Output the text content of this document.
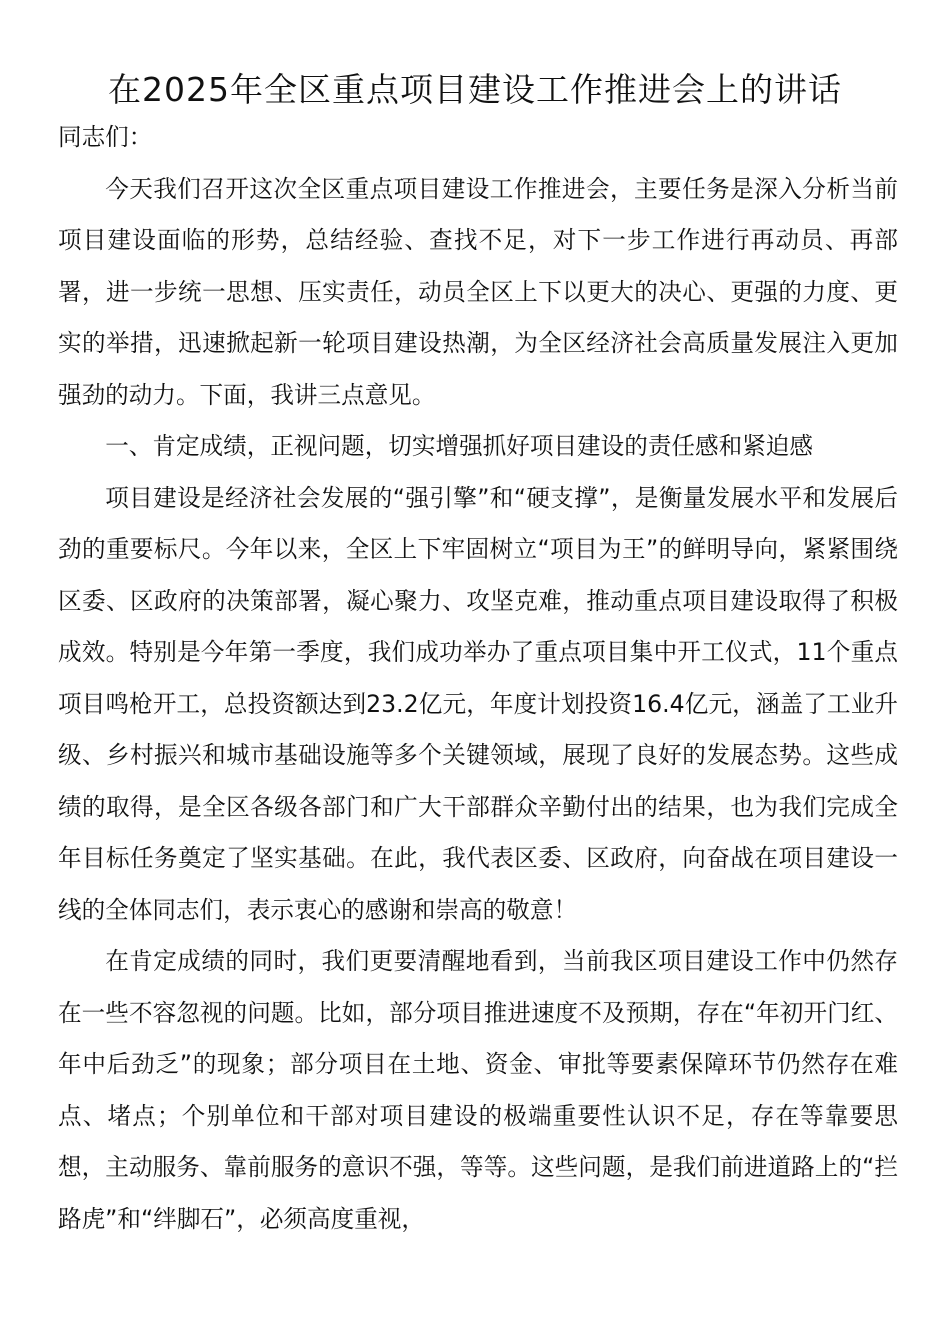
在2025年全区重点项目建设工作推进会上的讲话

同志们：

今天我们召开这次全区重点项目建设工作推进会，主要任务是深入分析当前项目建设面临的形势，总结经验、查找不足，对下一步工作进行再动员、再部署，进一步统一思想、压实责任，动员全区上下以更大的决心、更强的力度、更实的举措，迅速掀起新一轮项目建设热潮，为全区经济社会高质量发展注入更加强劲的动力。下面，我讲三点意见。

一、肯定成绩，正视问题，切实增强抓好项目建设的责任感和紧迫感

项目建设是经济社会发展的“强引擎”和“硬支撑”，是衡量发展水平和发展后劲的重要标尺。今年以来，全区上下牢固树立“项目为王”的鲜明导向，紧紧围绕区委、区政府的决策部署，凝心聚力、攻坚克难，推动重点项目建设取得了积极成效。特别是今年第一季度，我们成功举办了重点项目集中开工仪式，11个重点项目鸣枪开工，总投资额达到23.2亿元，年度计划投资16.4亿元，涵盖了工业升级、乡村振兴和城市基础设施等多个关键领域，展现了良好的发展态势。这些成绩的取得，是全区各级各部门和广大干部群众辛勤付出的结果，也为我们完成全年目标任务奠定了坚实基础。在此，我代表区委、区政府，向奋战在项目建设一线的全体同志们，表示衷心的感谢和崇高的敬意！

在肯定成绩的同时，我们更要清醒地看到，当前我区项目建设工作中仍然存在一些不容忽视的问题。比如，部分项目推进速度不及预期，存在“年初开门红、年中后劲乏”的现象；部分项目在土地、资金、审批等要素保障环节仍然存在难点、堵点；个别单位和干部对项目建设的极端重要性认识不足，存在等靠要思想，主动服务、靠前服务的意识不强，等等。这些问题，是我们前进道路上的“拦路虎”和“绊脚石”，必须高度重视，
